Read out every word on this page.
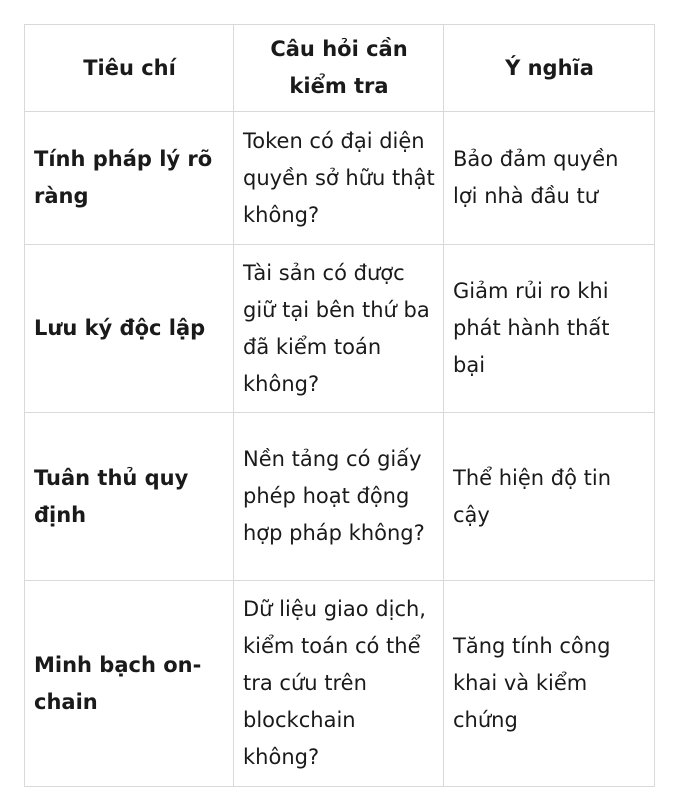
Tiêu chí	Câu hỏi cần kiểm tra	Ý nghĩa
Tính pháp lý rõ ràng	Token có đại diện quyền sở hữu thật không?	Bảo đảm quyền lợi nhà đầu tư
Lưu ký độc lập	Tài sản có được giữ tại bên thứ ba đã kiểm toán không?	Giảm rủi ro khi phát hành thất bại
Tuân thủ quy định	Nền tảng có giấy phép hoạt động hợp pháp không?	Thể hiện độ tin cậy
Minh bạch on-chain	Dữ liệu giao dịch, kiểm toán có thể tra cứu trên blockchain không?	Tăng tính công khai và kiểm chứng
